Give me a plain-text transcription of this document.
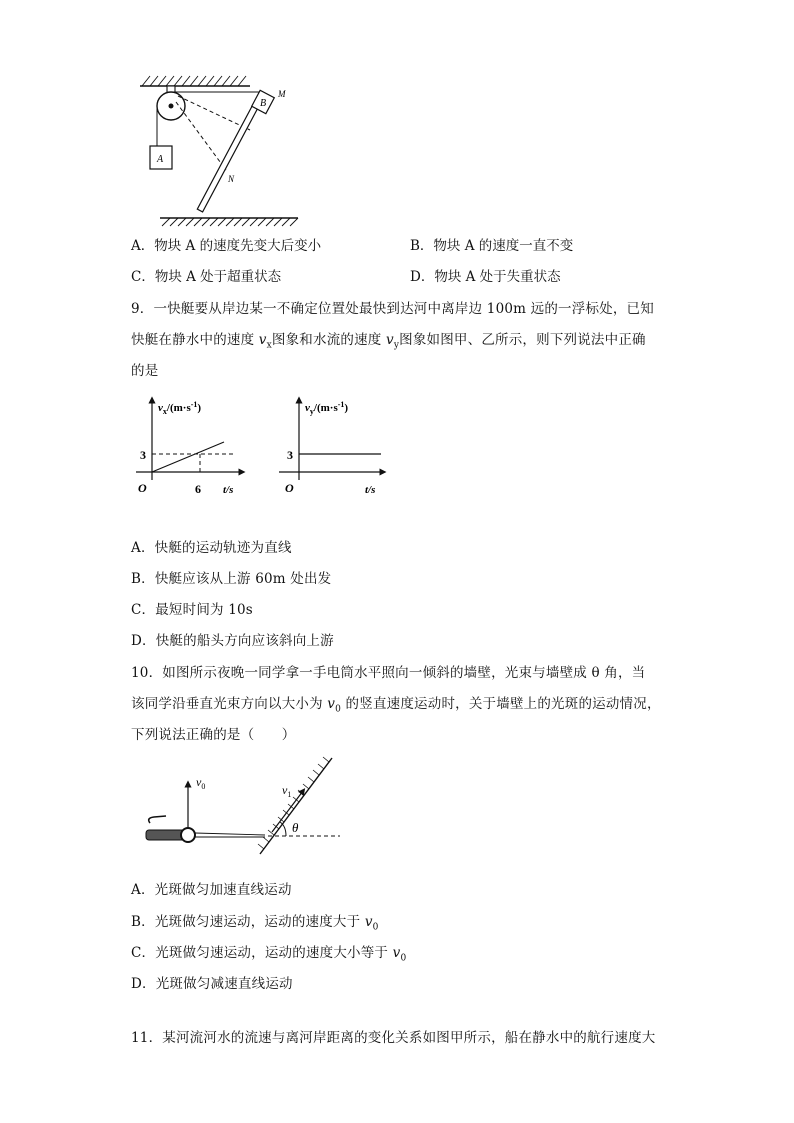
A
B
M
N
A．物块 A 的速度先变大后变小	B．物块 A 的速度一直不变
C．物块 A 处于超重状态	D．物块 A 处于失重状态
9．一快艇要从岸边某一不确定位置处最快到达河中离岸边 100m 远的一浮标处，已知
快艇在静水中的速度 $v_x$图象和水流的速度 $v_y$图象如图甲、乙所示，则下列说法中正确
的是
$v_x/(m\cdot s^{-1})$
3
O	6 t/s
$v_y/(m\cdot s^{-1})$
3
O	t/s
A．快艇的运动轨迹为直线
B．快艇应该从上游 60m 处出发
C．最短时间为 10s
D．快艇的船头方向应该斜向上游
10．如图所示夜晚一同学拿一手电筒水平照向一倾斜的墙壁，光束与墙壁成 θ 角，当
该同学沿垂直光束方向以大小为 $v_0$ 的竖直速度运动时，关于墙壁上的光斑的运动情况，
下列说法正确的是（　　）
$v_0$	$v_1$
θ
A．光斑做匀加速直线运动
B．光斑做匀速运动，运动的速度大于 $v_0$
C．光斑做匀速运动，运动的速度大小等于 $v_0$
D．光斑做匀减速直线运动
11．某河流河水的流速与离河岸距离的变化关系如图甲所示，船在静水中的航行速度大
